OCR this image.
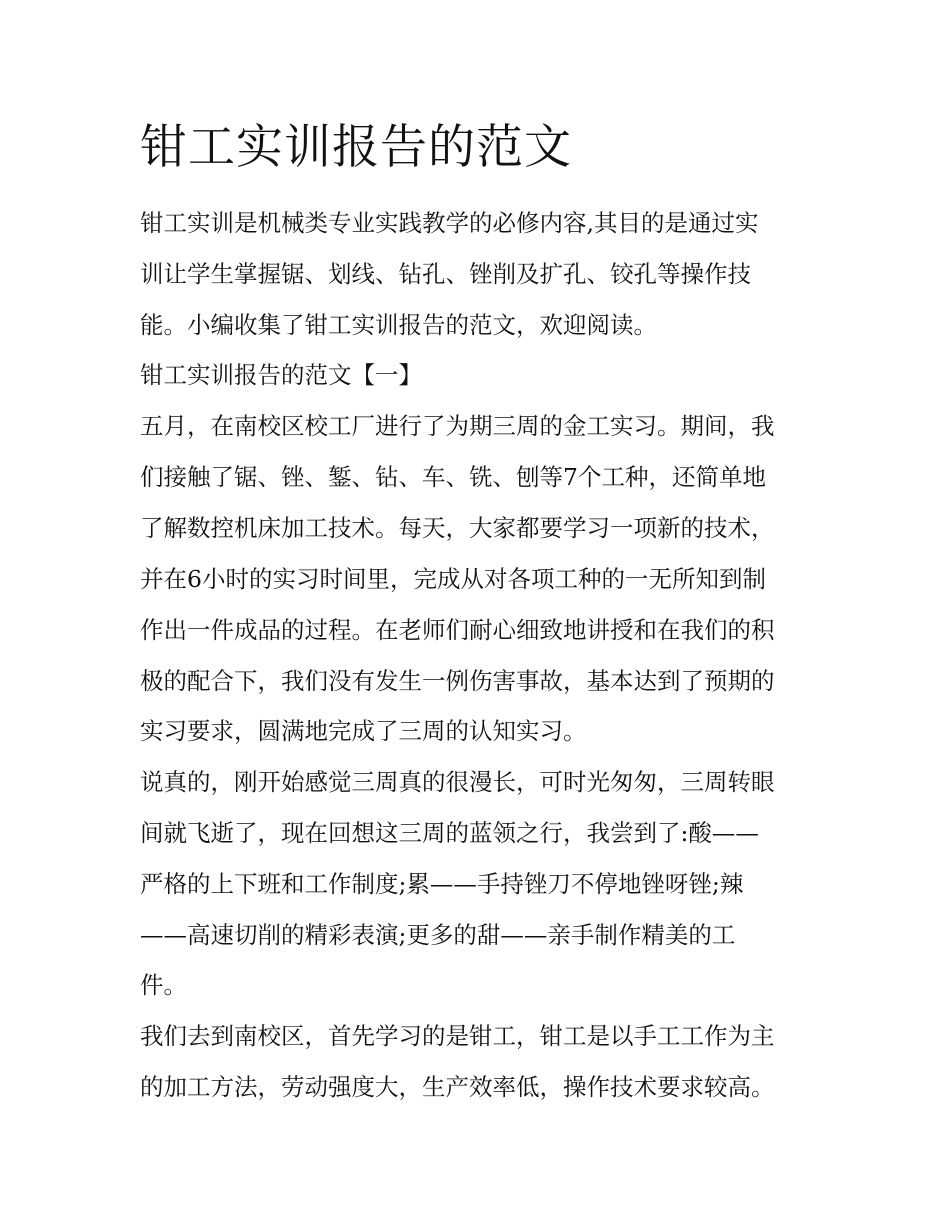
钳工实训报告的范文

钳工实训是机械类专业实践教学的必修内容,其目的是通过实

训让学生掌握锯、划线、钻孔、锉削及扩孔、铰孔等操作技

能。小编收集了钳工实训报告的范文，欢迎阅读。

钳工实训报告的范文【一】

五月，在南校区校工厂进行了为期三周的金工实习。期间，我

们接触了锯、锉、錾、钻、车、铣、刨等7个工种，还简单地

了解数控机床加工技术。每天，大家都要学习一项新的技术，

并在6小时的实习时间里，完成从对各项工种的一无所知到制

作出一件成品的过程。在老师们耐心细致地讲授和在我们的积

极的配合下，我们没有发生一例伤害事故，基本达到了预期的

实习要求，圆满地完成了三周的认知实习。

说真的，刚开始感觉三周真的很漫长，可时光匆匆，三周转眼

间就飞逝了，现在回想这三周的蓝领之行，我尝到了:酸——

严格的上下班和工作制度;累——手持锉刀不停地锉呀锉;辣

——高速切削的精彩表演;更多的甜——亲手制作精美的工

件。

我们去到南校区，首先学习的是钳工，钳工是以手工工作为主

的加工方法，劳动强度大，生产效率低，操作技术要求较高。
